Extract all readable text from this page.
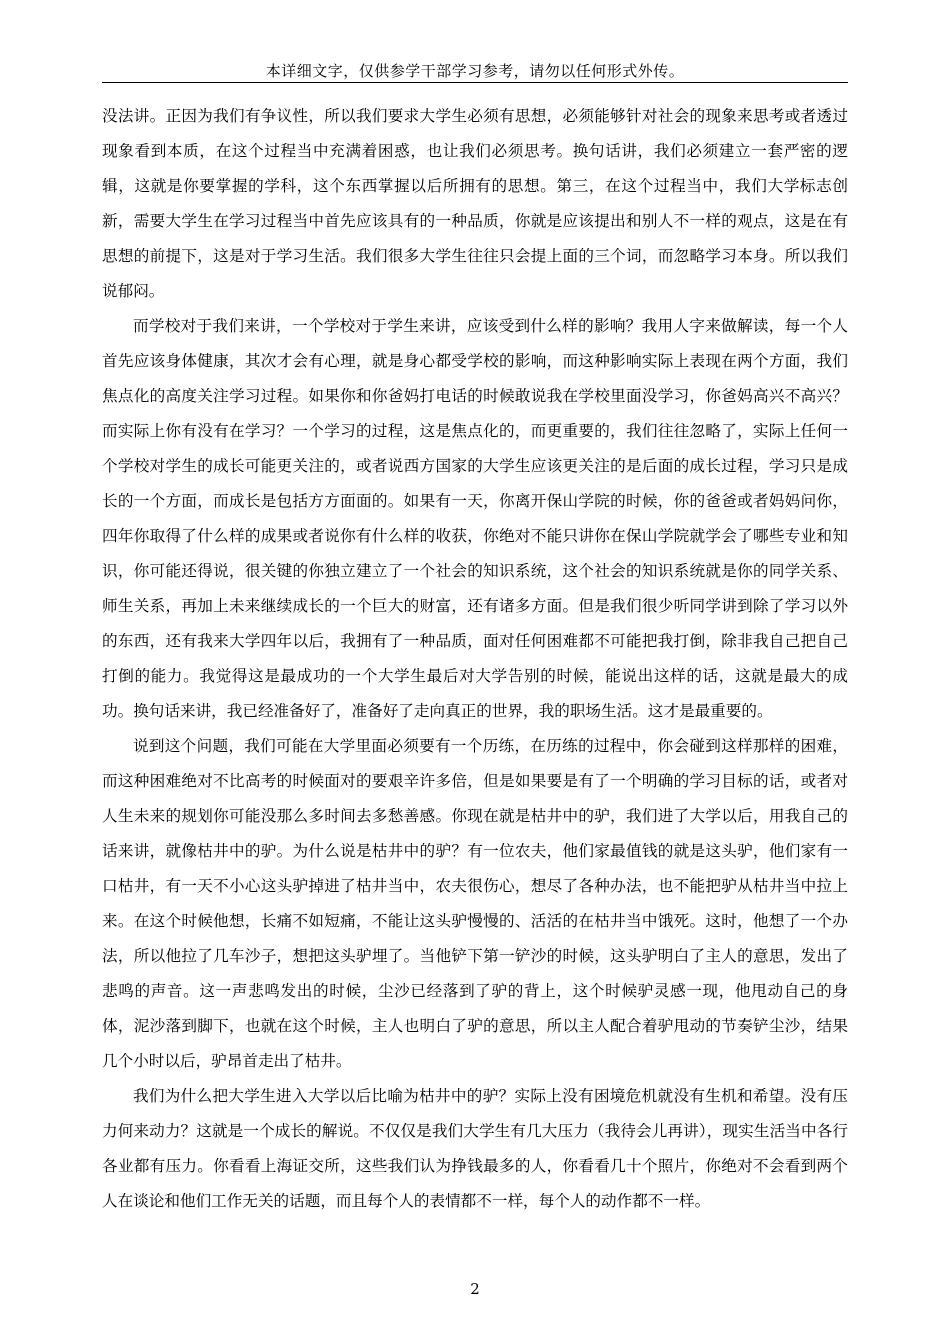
本详细文字，仅供参学干部学习参考，请勿以任何形式外传。

没法讲。正因为我们有争议性，所以我们要求大学生必须有思想，必须能够针对社会的现象来思考或者透过现象看到本质，在这个过程当中充满着困惑，也让我们必须思考。换句话讲，我们必须建立一套严密的逻辑，这就是你要掌握的学科，这个东西掌握以后所拥有的思想。第三，在这个过程当中，我们大学标志创新，需要大学生在学习过程当中首先应该具有的一种品质，你就是应该提出和别人不一样的观点，这是在有思想的前提下，这是对于学习生活。我们很多大学生往往只会提上面的三个词，而忽略学习本身。所以我们说郁闷。

而学校对于我们来讲，一个学校对于学生来讲，应该受到什么样的影响？我用人字来做解读，每一个人首先应该身体健康，其次才会有心理，就是身心都受学校的影响，而这种影响实际上表现在两个方面，我们焦点化的高度关注学习过程。如果你和你爸妈打电话的时候敢说我在学校里面没学习，你爸妈高兴不高兴？而实际上你有没有在学习？一个学习的过程，这是焦点化的，而更重要的，我们往往忽略了，实际上任何一个学校对学生的成长可能更关注的，或者说西方国家的大学生应该更关注的是后面的成长过程，学习只是成长的一个方面，而成长是包括方方面面的。如果有一天，你离开保山学院的时候，你的爸爸或者妈妈问你，四年你取得了什么样的成果或者说你有什么样的收获，你绝对不能只讲你在保山学院就学会了哪些专业和知识，你可能还得说，很关键的你独立建立了一个社会的知识系统，这个社会的知识系统就是你的同学关系、师生关系，再加上未来继续成长的一个巨大的财富，还有诸多方面。但是我们很少听同学讲到除了学习以外的东西，还有我来大学四年以后，我拥有了一种品质，面对任何困难都不可能把我打倒，除非我自己把自己打倒的能力。我觉得这是最成功的一个大学生最后对大学告别的时候，能说出这样的话，这就是最大的成功。换句话来讲，我已经准备好了，准备好了走向真正的世界，我的职场生活。这才是最重要的。

说到这个问题，我们可能在大学里面必须要有一个历练，在历练的过程中，你会碰到这样那样的困难，而这种困难绝对不比高考的时候面对的要艰辛许多倍，但是如果要是有了一个明确的学习目标的话，或者对人生未来的规划你可能没那么多时间去多愁善感。你现在就是枯井中的驴，我们进了大学以后，用我自己的话来讲，就像枯井中的驴。为什么说是枯井中的驴？有一位农夫，他们家最值钱的就是这头驴，他们家有一口枯井，有一天不小心这头驴掉进了枯井当中，农夫很伤心，想尽了各种办法，也不能把驴从枯井当中拉上来。在这个时候他想，长痛不如短痛，不能让这头驴慢慢的、活活的在枯井当中饿死。这时，他想了一个办法，所以他拉了几车沙子，想把这头驴埋了。当他铲下第一铲沙的时候，这头驴明白了主人的意思，发出了悲鸣的声音。这一声悲鸣发出的时候，尘沙已经落到了驴的背上，这个时候驴灵感一现，他甩动自己的身体，泥沙落到脚下，也就在这个时候，主人也明白了驴的意思，所以主人配合着驴甩动的节奏铲尘沙，结果几个小时以后，驴昂首走出了枯井。

我们为什么把大学生进入大学以后比喻为枯井中的驴？实际上没有困境危机就没有生机和希望。没有压力何来动力？这就是一个成长的解说。不仅仅是我们大学生有几大压力（我待会儿再讲），现实生活当中各行各业都有压力。你看看上海证交所，这些我们认为挣钱最多的人，你看看几十个照片，你绝对不会看到两个人在谈论和他们工作无关的话题，而且每个人的表情都不一样，每个人的动作都不一样。

2
